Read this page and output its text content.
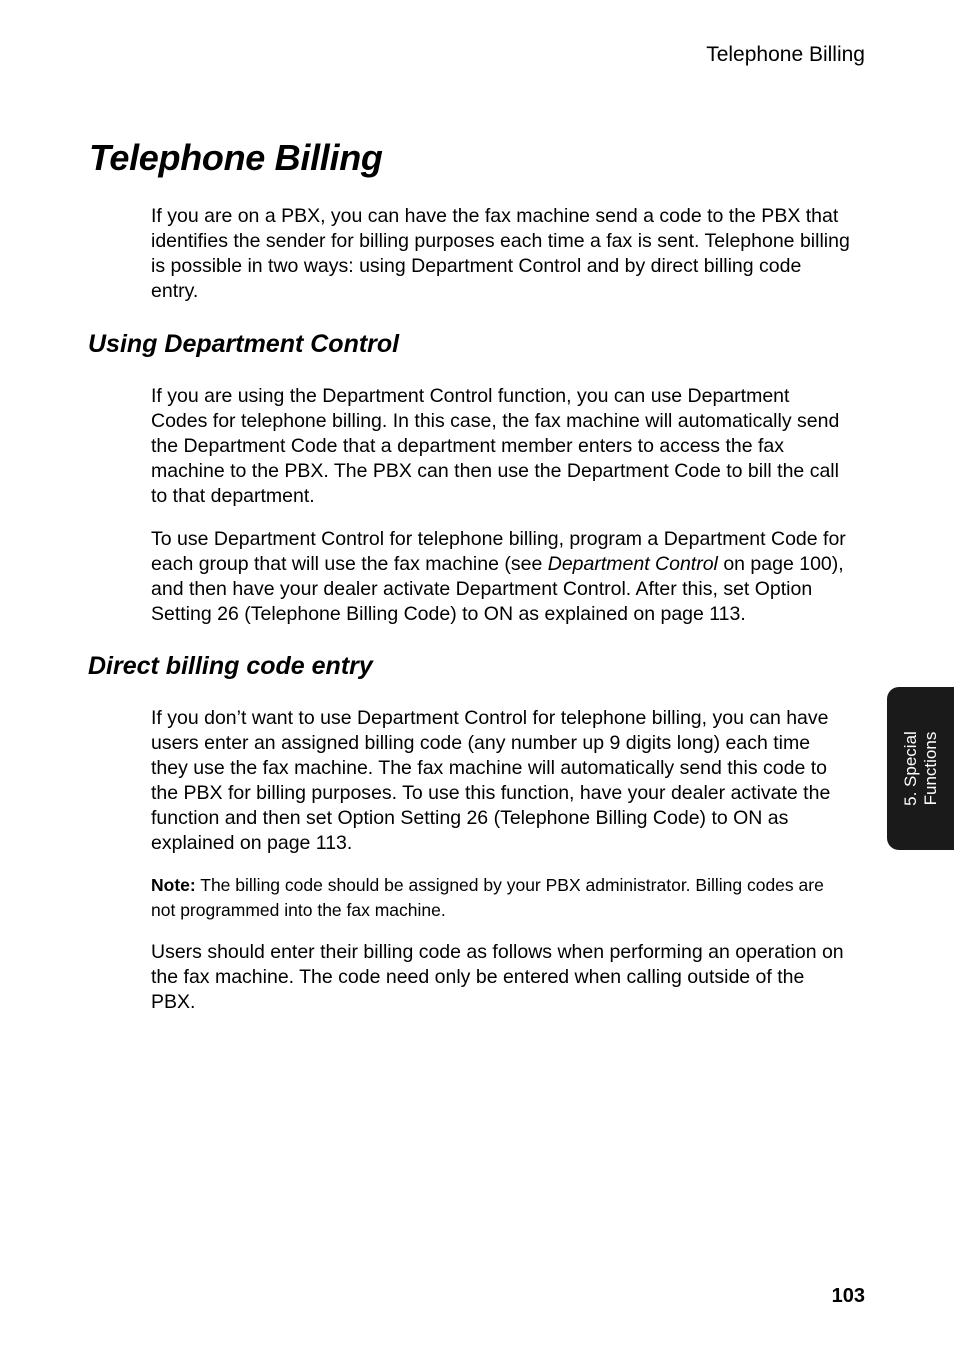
Telephone Billing
Telephone Billing

If you are on a PBX, you can have the fax machine send a code to the PBX that identifies the sender for billing purposes each time a fax is sent. Telephone billing is possible in two ways: using Department Control and by direct billing code entry.

Using Department Control

If you are using the Department Control function, you can use Department Codes for telephone billing. In this case, the fax machine will automatically send the Department Code that a department member enters to access the fax machine to the PBX. The PBX can then use the Department Code to bill the call to that department.

To use Department Control for telephone billing, program a Department Code for each group that will use the fax machine (see Department Control on page 100), and then have your dealer activate Department Control. After this, set Option Setting 26 (Telephone Billing Code) to ON as explained on page 113.

Direct billing code entry

If you don’t want to use Department Control for telephone billing, you can have users enter an assigned billing code (any number up 9 digits long) each time they use the fax machine. The fax machine will automatically send this code to the PBX for billing purposes. To use this function, have your dealer activate the function and then set Option Setting 26 (Telephone Billing Code) to ON as explained on page 113.

Note: The billing code should be assigned by your PBX administrator. Billing codes are not programmed into the fax machine.

Users should enter their billing code as follows when performing an operation on the fax machine. The code need only be entered when calling outside of the PBX.

5. Special Functions
103
